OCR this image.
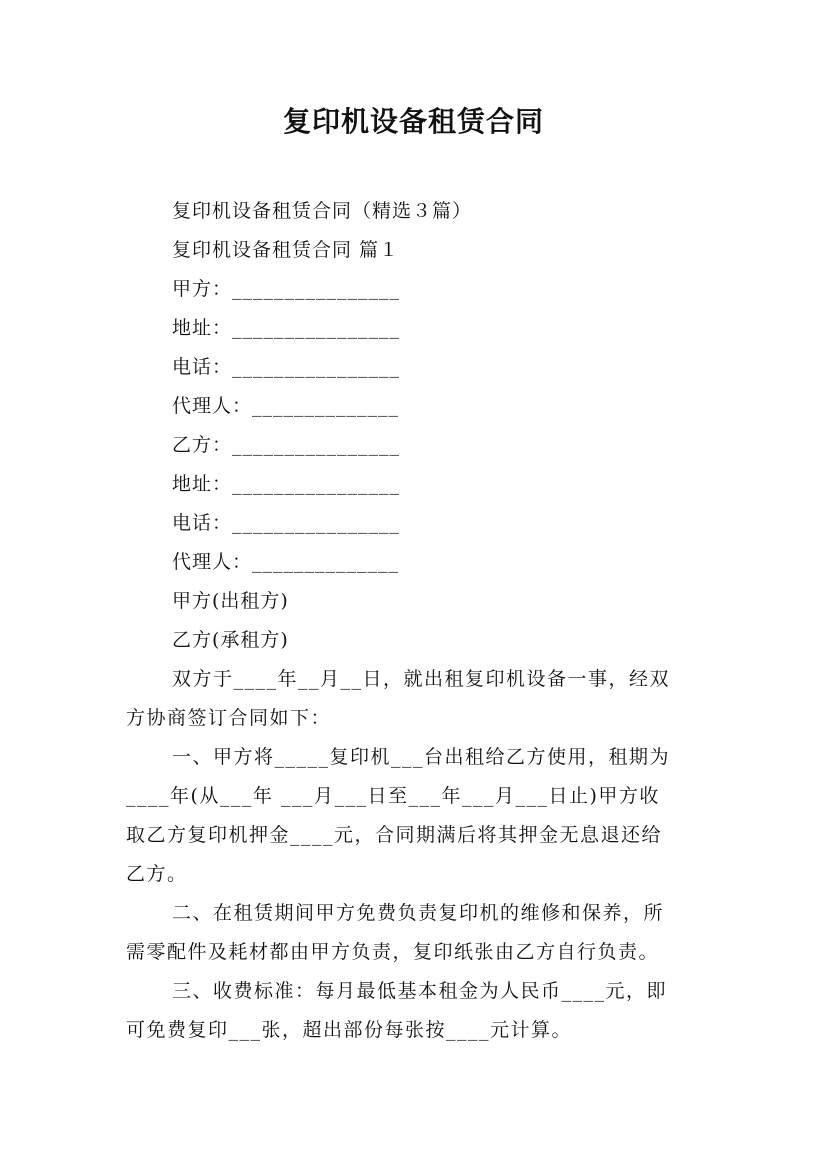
复印机设备租赁合同
复印机设备租赁合同（精选３篇）
复印机设备租赁合同 篇１
甲方：________________
地址：________________
电话：________________
代理人：______________
乙方：________________
地址：________________
电话：________________
代理人：______________
甲方(出租方)
乙方(承租方)
双方于____年__月__日，就出租复印机设备一事，经双
方协商签订合同如下：
一、甲方将_____复印机___台出租给乙方使用，租期为
____年(从___年 ___月___日至___年___月___日止)甲方收
取乙方复印机押金____元，合同期满后将其押金无息退还给
乙方。
二、在租赁期间甲方免费负责复印机的维修和保养，所
需零配件及耗材都由甲方负责，复印纸张由乙方自行负责。
三、收费标准：每月最低基本租金为人民币____元，即
可免费复印___张，超出部份每张按____元计算。
